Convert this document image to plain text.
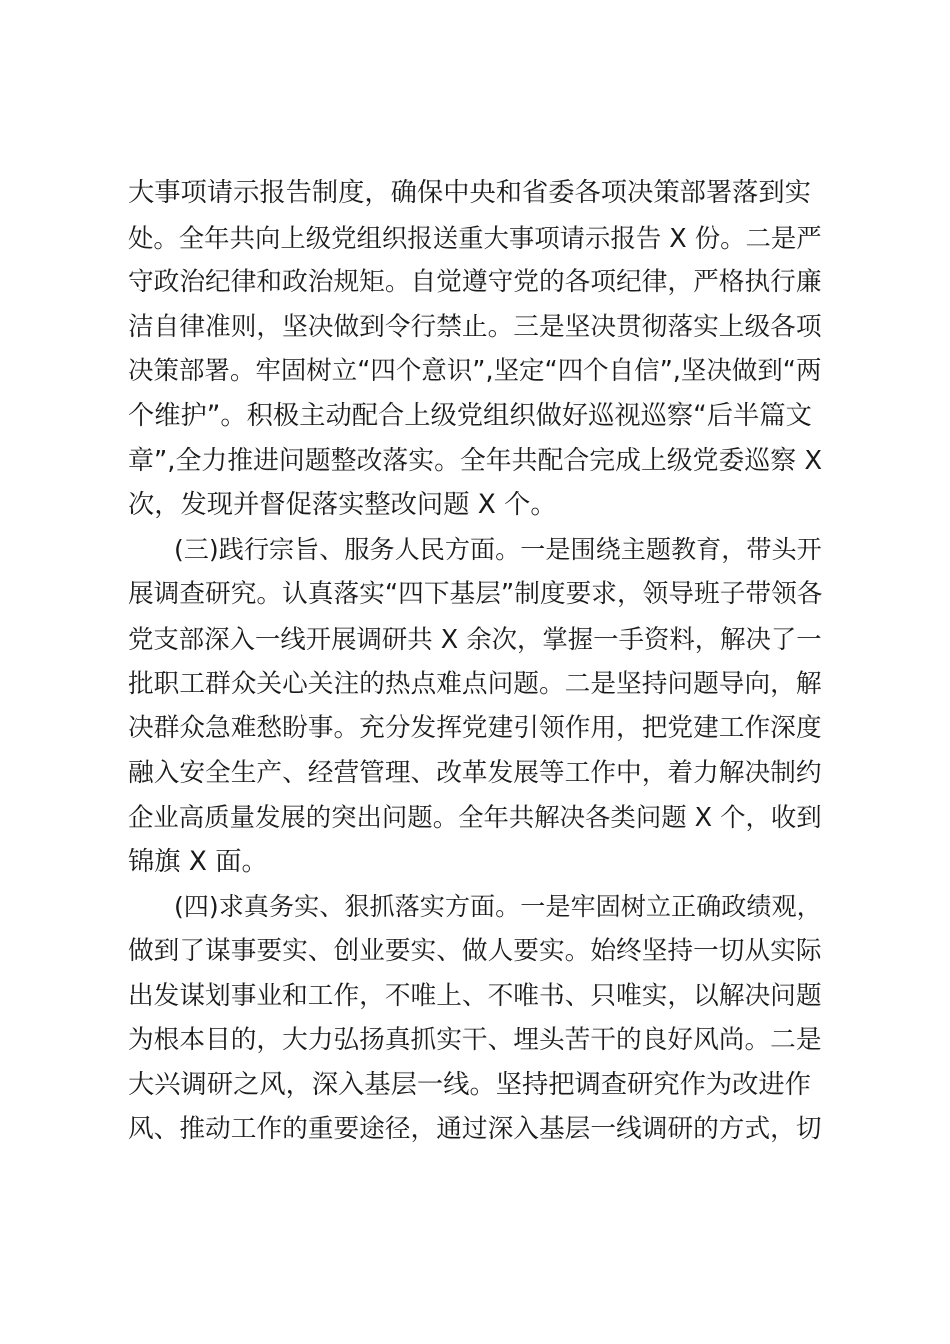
大事项请示报告制度，确保中央和省委各项决策部署落到实
处。全年共向上级党组织报送重大事项请示报告 X 份。二是严
守政治纪律和政治规矩。自觉遵守党的各项纪律，严格执行廉
洁自律准则，坚决做到令行禁止。三是坚决贯彻落实上级各项
决策部署。牢固树立“四个意识”,坚定“四个自信”,坚决做到“两
个维护”。积极主动配合上级党组织做好巡视巡察“后半篇文
章”,全力推进问题整改落实。全年共配合完成上级党委巡察 X
次，发现并督促落实整改问题 X 个。
(三)践行宗旨、服务人民方面。一是围绕主题教育，带头开
展调查研究。认真落实“四下基层”制度要求，领导班子带领各
党支部深入一线开展调研共 X 余次，掌握一手资料，解决了一
批职工群众关心关注的热点难点问题。二是坚持问题导向，解
决群众急难愁盼事。充分发挥党建引领作用，把党建工作深度
融入安全生产、经营管理、改革发展等工作中，着力解决制约
企业高质量发展的突出问题。全年共解决各类问题 X 个，收到
锦旗 X 面。
(四)求真务实、狠抓落实方面。一是牢固树立正确政绩观，
做到了谋事要实、创业要实、做人要实。始终坚持一切从实际
出发谋划事业和工作，不唯上、不唯书、只唯实，以解决问题
为根本目的，大力弘扬真抓实干、埋头苦干的良好风尚。二是
大兴调研之风，深入基层一线。坚持把调查研究作为改进作
风、推动工作的重要途径，通过深入基层一线调研的方式，切
